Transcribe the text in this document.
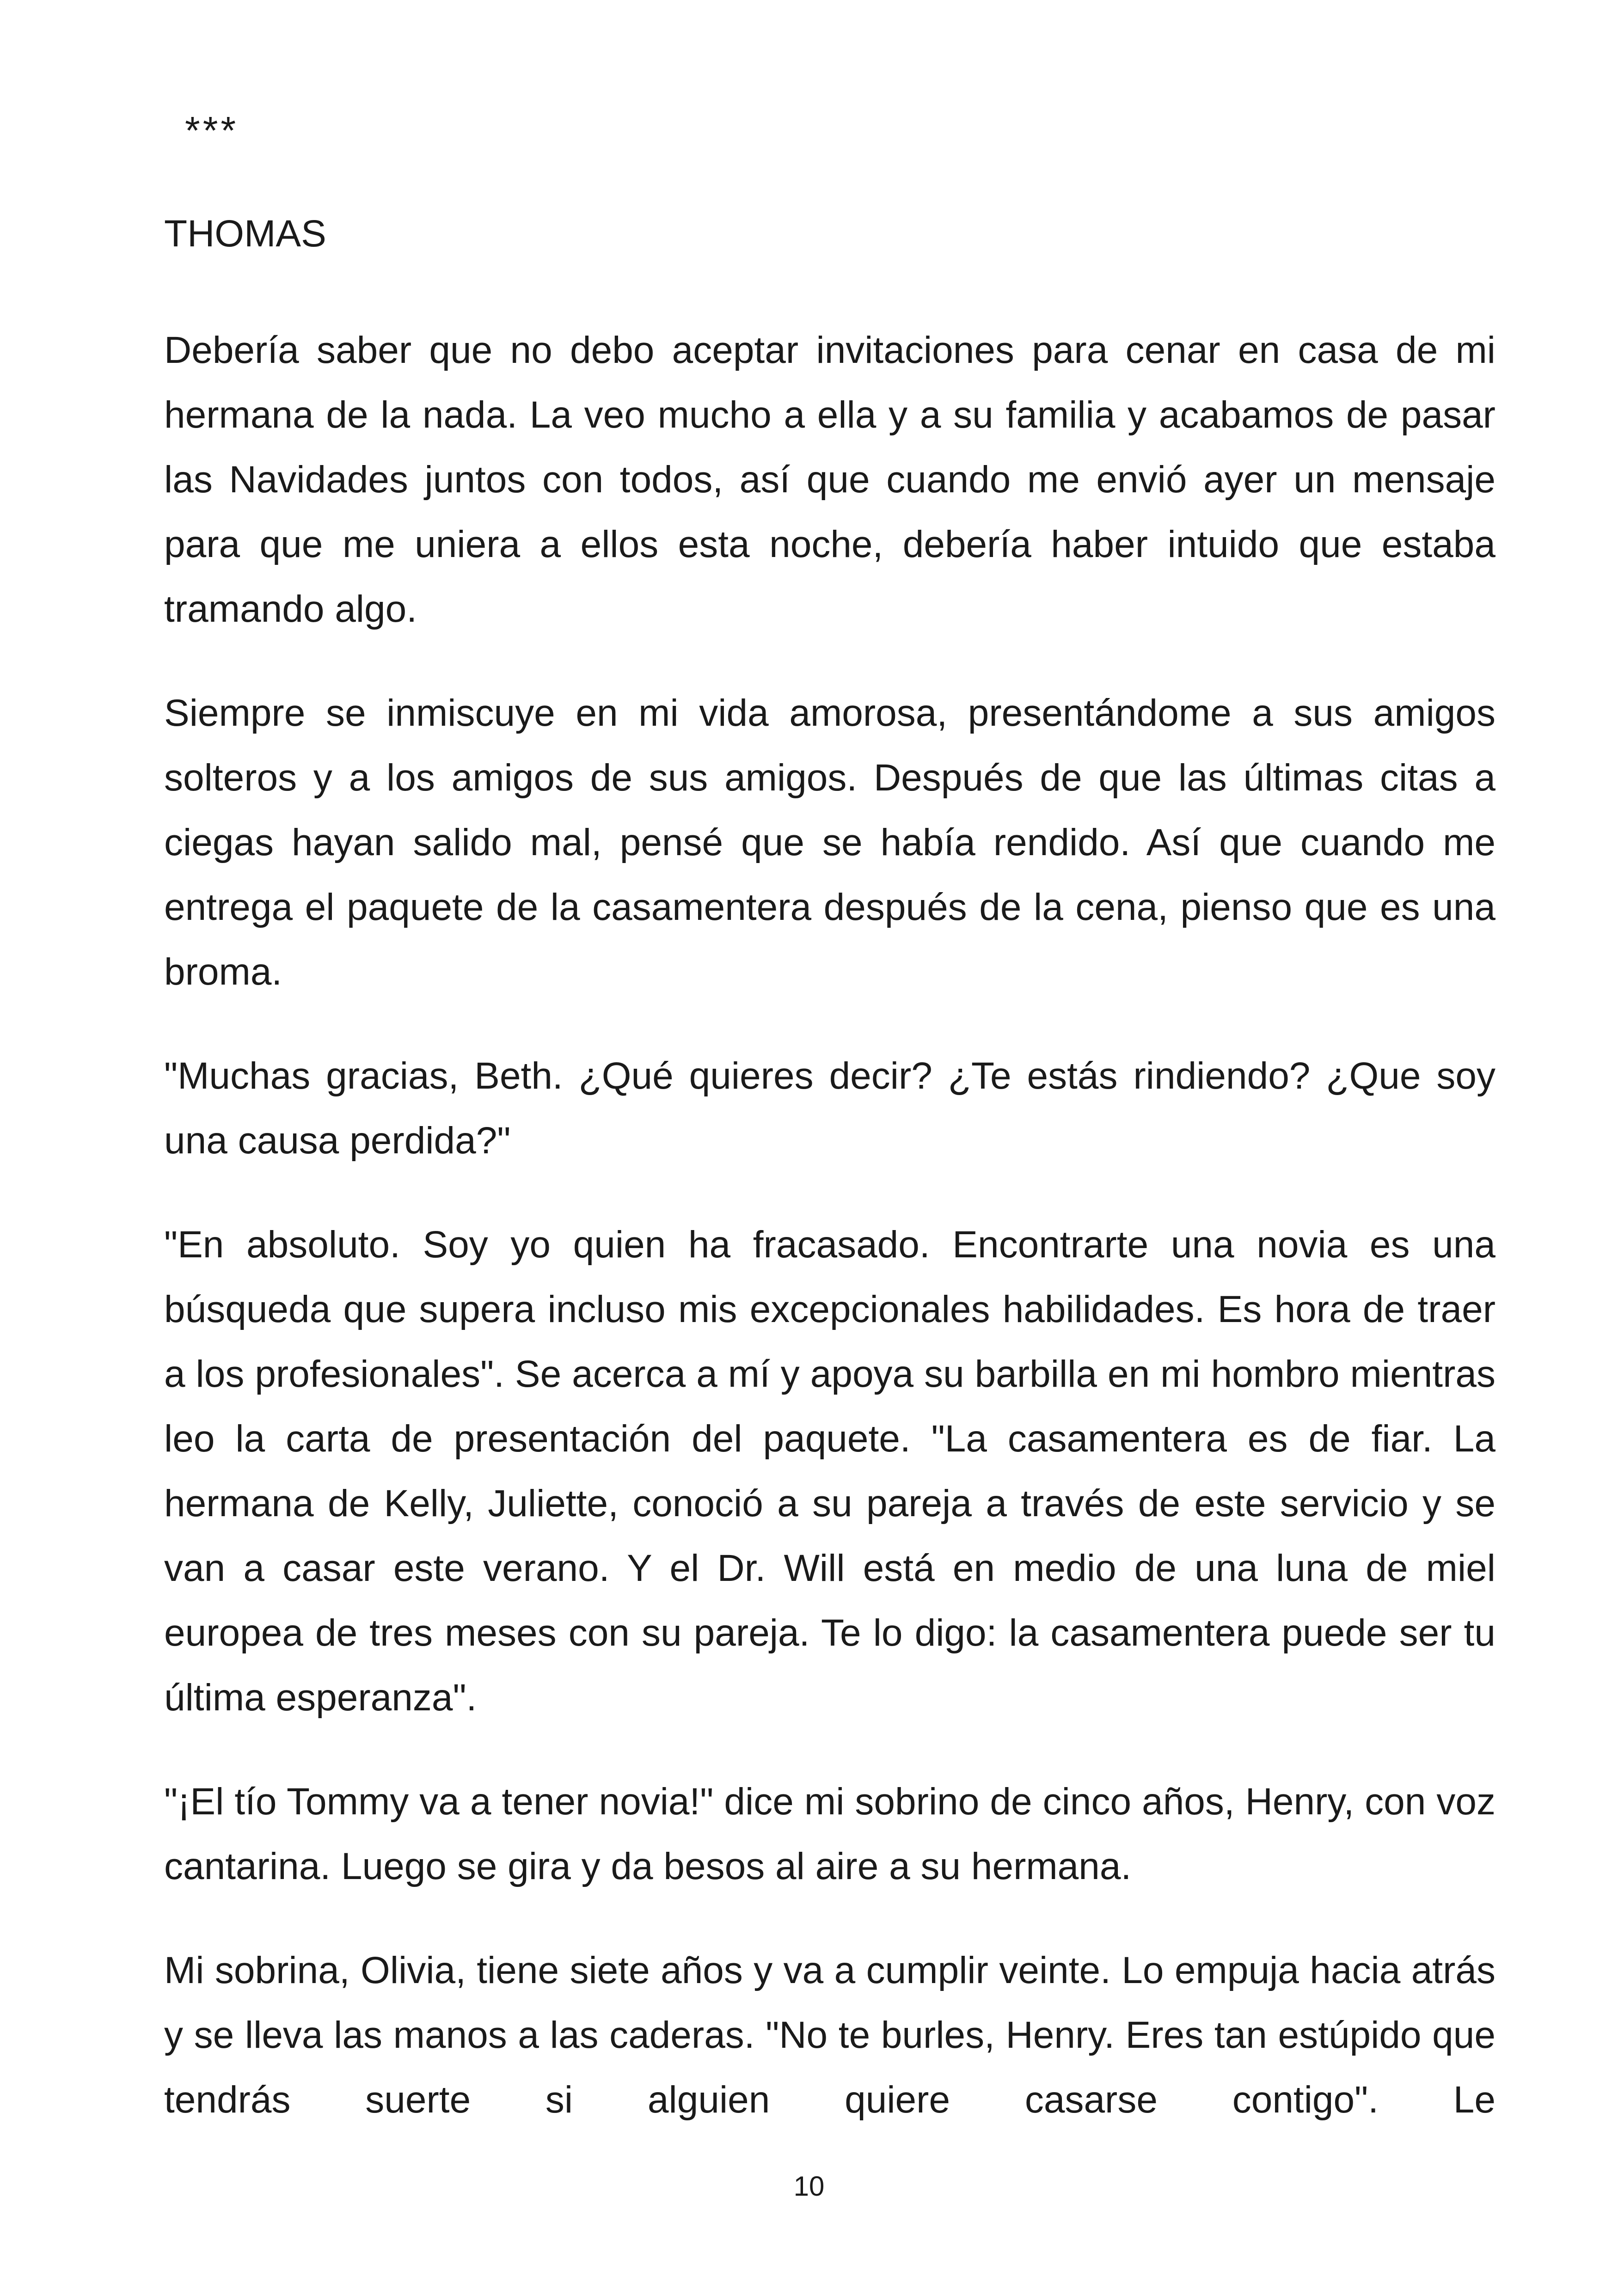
***
THOMAS

Debería saber que no debo aceptar invitaciones para cenar en casa de mi hermana de la nada. La veo mucho a ella y a su familia y acabamos de pasar las Navidades juntos con todos, así que cuando me envió ayer un mensaje para que me uniera a ellos esta noche, debería haber intuido que estaba tramando algo.

Siempre se inmiscuye en mi vida amorosa, presentándome a sus amigos solteros y a los amigos de sus amigos. Después de que las últimas citas a ciegas hayan salido mal, pensé que se había rendido. Así que cuando me entrega el paquete de la casamentera después de la cena, pienso que es una broma.

"Muchas gracias, Beth. ¿Qué quieres decir? ¿Te estás rindiendo? ¿Que soy una causa perdida?"

"En absoluto. Soy yo quien ha fracasado. Encontrarte una novia es una búsqueda que supera incluso mis excepcionales habilidades. Es hora de traer a los profesionales". Se acerca a mí y apoya su barbilla en mi hombro mientras leo la carta de presentación del paquete. "La casamentera es de fiar. La hermana de Kelly, Juliette, conoció a su pareja a través de este servicio y se van a casar este verano. Y el Dr. Will está en medio de una luna de miel europea de tres meses con su pareja. Te lo digo: la casamentera puede ser tu última esperanza".

"¡El tío Tommy va a tener novia!" dice mi sobrino de cinco años, Henry, con voz cantarina. Luego se gira y da besos al aire a su hermana.

Mi sobrina, Olivia, tiene siete años y va a cumplir veinte. Lo empuja hacia atrás y se lleva las manos a las caderas. "No te burles, Henry. Eres tan estúpido que tendrás suerte si alguien quiere casarse contigo". Le

10
